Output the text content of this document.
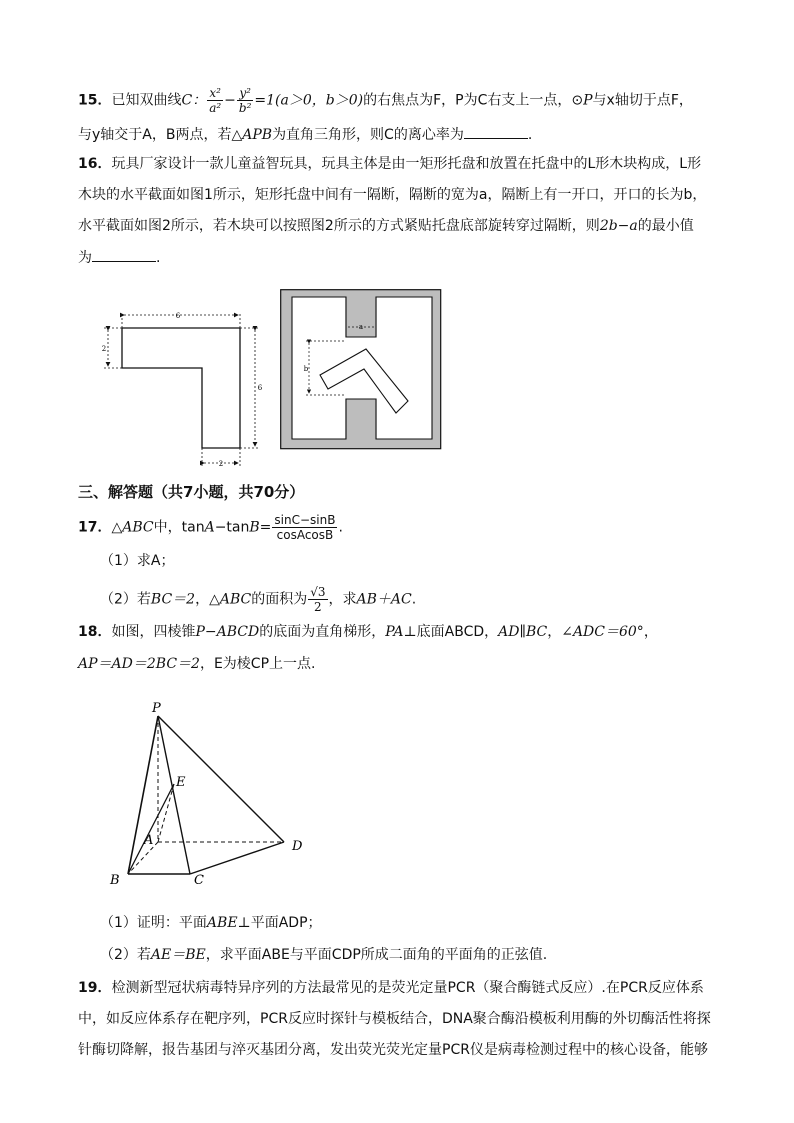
15．已知双曲线C： $\frac{\text{x²}}{\text{a²}} - \frac{\text{y²}}{\text{b²}} =1(a>0$，b＞0)的右焦点为F，P为C右支上一点，⊙P与x轴切于点F，
与y轴交于A，B两点，若△APB为直角三角形，则C的离心率为	.
16．玩具厂家设计一款儿童益智玩具，玩具主体是由一矩形托盘和放置在托盘中的L形木块构成，L形
木块的水平截面如图1所示，矩形托盘中间有一隔断，隔断的宽为a，隔断上有一开口，开口的长为b，
水平截面如图2所示，若木块可以按照图2所示的方式紧贴托盘底部旋转穿过隔断，则2b−a的最小值
为	.
6
2
6
2
a
b
三、解答题（共7小题，共70分）
17．△ABC中，$\tan A-\tan B= \frac{\sin C-\sin B}{\text{cosAcosB}}$ .
（1）求A；
（2）若BC＝2，△ABC的面积为 $\frac{√3}{2}$ ，求AB＋AC.
18．如图，四棱锥P−ABCD的底面为直角梯形，PA⊥底面ABCD，AD∥BC，∠ADC＝60°，
AP＝AD＝2BC＝2，E为棱CP上一点.
P
E
A
B	C
D
（1）证明：平面ABE⊥平面ADP；
（2）若AE＝BE，求平面ABE与平面CDP所成二面角的平面角的正弦值.
19．检测新型冠状病毒特异序列的方法最常见的是荧光定量PCR（聚合酶链式反应）.在PCR反应体系
中，如反应体系存在靶序列，PCR反应时探针与模板结合，DNA聚合酶沿模板利用酶的外切酶活性将探
针酶切降解，报告基团与淬灭基团分离，发出荧光荧光定量PCR仪是病毒检测过程中的核心设备，能够
